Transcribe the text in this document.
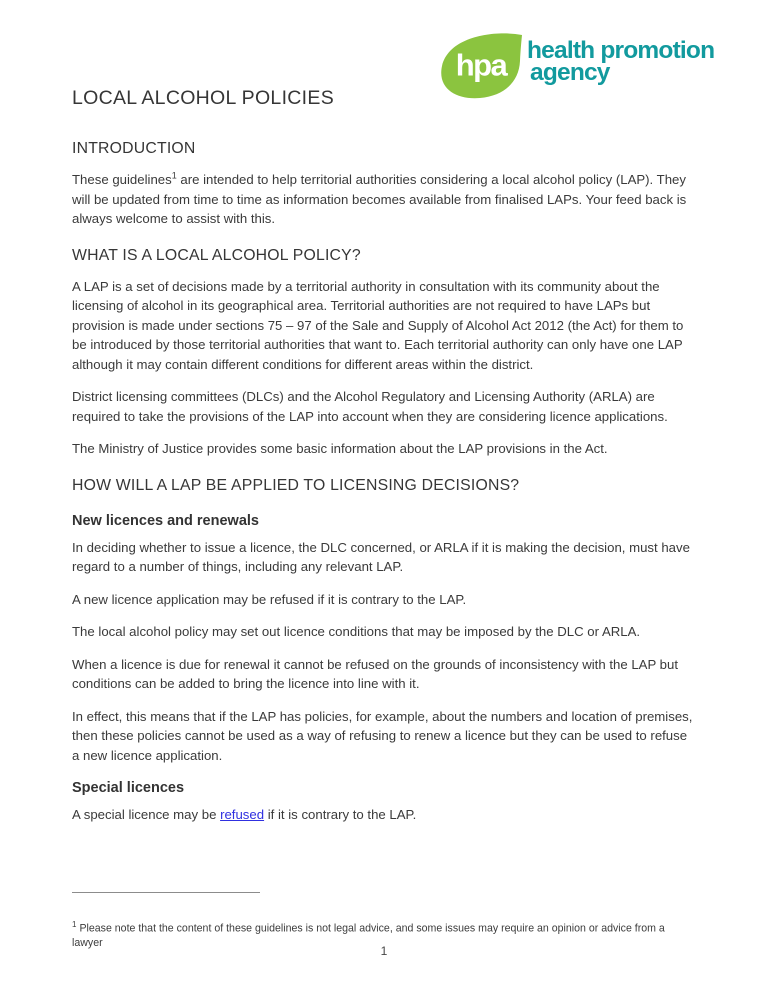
hpa health promotion
agency
LOCAL ALCOHOL POLICIES
INTRODUCTION

These guidelines$^1$ are intended to help territorial authorities considering a local alcohol policy (LAP). They will be updated from time to time as information becomes available from finalised LAPs. Your feed back is always welcome to assist with this.

WHAT IS A LOCAL ALCOHOL POLICY?

A LAP is a set of decisions made by a territorial authority in consultation with its community about the licensing of alcohol in its geographical area. Territorial authorities are not required to have LAPs but provision is made under sections 75 – 97 of the Sale and Supply of Alcohol Act 2012 (the Act) for them to be introduced by those territorial authorities that want to. Each territorial authority can only have one LAP although it may contain different conditions for different areas within the district.

District licensing committees (DLCs) and the Alcohol Regulatory and Licensing Authority (ARLA) are required to take the provisions of the LAP into account when they are considering licence applications.

The Ministry of Justice provides some basic information about the LAP provisions in the Act.

HOW WILL A LAP BE APPLIED TO LICENSING DECISIONS?
New licences and renewals

In deciding whether to issue a licence, the DLC concerned, or ARLA if it is making the decision, must have regard to a number of things, including any relevant LAP.

A new licence application may be refused if it is contrary to the LAP.

The local alcohol policy may set out licence conditions that may be imposed by the DLC or ARLA.

When a licence is due for renewal it cannot be refused on the grounds of inconsistency with the LAP but conditions can be added to bring the licence into line with it.

In effect, this means that if the LAP has policies, for example, about the numbers and location of premises, then these policies cannot be used as a way of refusing to renew a licence but they can be used to refuse a new licence application.

Special licences

A special licence may be refused if it is contrary to the LAP.

$^1$ Please note that the content of these guidelines is not legal advice, and some issues may require an opinion or advice from a lawyer

1
